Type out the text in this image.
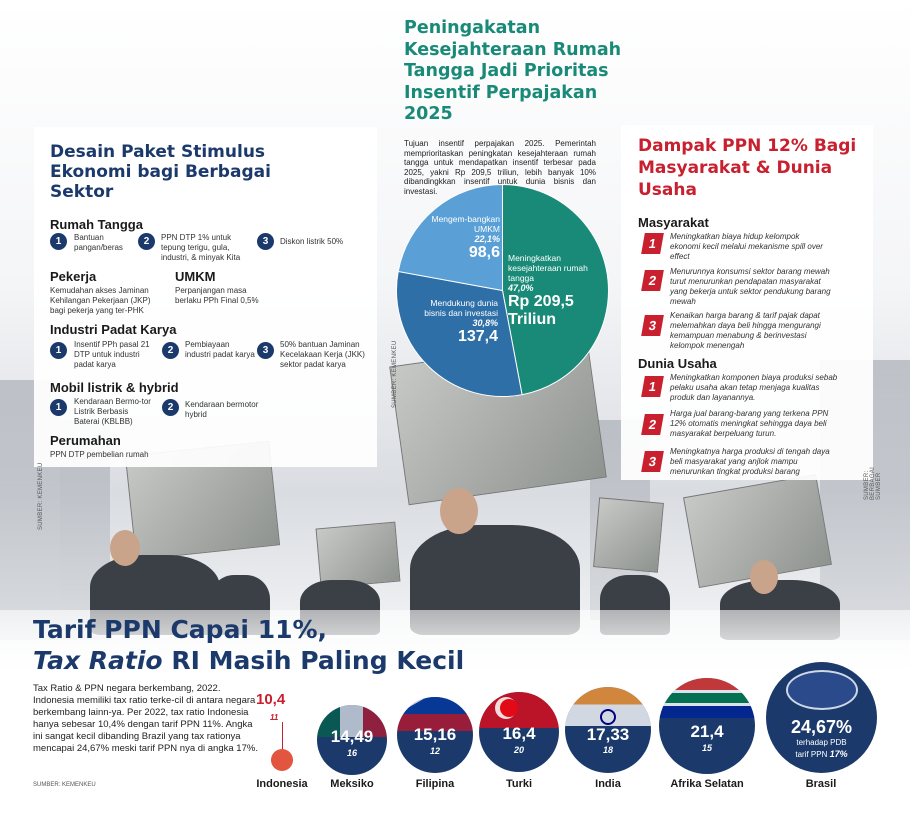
Peningakatan Kesejahteraan Rumah Tangga Jadi Prioritas Insentif Perpajakan 2025

Tujuan insentif perpajakan 2025. Pemerintah memprioritaskan peningkatan kesejahteraan rumah tangga untuk mendapatkan insentif terbesar pada 2025, yakni Rp 209,5 triliun, lebih banyak 10% dibandingkkan insentif untuk dunia bisnis dan investasi.

Mengem-bangkan UMKM
22,1%
98,6
Mendukung dunia bisnis dan investasi
30,8%
137,4
Meningkatkan kesejahteraan rumah tangga
47,0%
Rp 209,5
Triliun
SUMBER: KEMENKEU
Desain Paket Stimulus Ekonomi bagi Berbagai Sektor
Rumah Tangga
1	Bantuan pangan/beras
2	PPN DTP 1% untuk tepung terigu, gula, industri, & minyak Kita
3	Diskon listrik 50%
Pekerja
Kemudahan akses Jaminan Kehilangan Pekerjaan (JKP) bagi pekerja yang ter-PHK
UMKM
Perpanjangan masa berlaku PPh Final 0,5%
Industri Padat Karya
1
Insentif PPh pasal 21 DTP untuk industri padat karya
2
Pembiayaan industri padat karya 3
50% bantuan Jaminan Kecelakaan Kerja (JKK) sektor padat karya
Mobil listrik & hybrid
1
Kendaraan Bermo-tor Listrik Berbasis Baterai (KBLBB)
2	Kendaraan bermotor hybrid
Perumahan
PPN DTP pembelian rumah
SUMBER: KEMENKEU
Dampak PPN 12% Bagi Masyarakat & Dunia Usaha
Masyarakat
1	Meningkatkan biaya hidup kelompok ekonomi kecil melalui mekanisme spill over effect
2
Menurunnya konsumsi sektor barang mewah turut menurunkan pendapatan masyarakat yang bekerja untuk sektor pendukung barang mewah
3
Kenaikan harga barang & tarif pajak dapat melemahkan daya beli hingga mengurangi kemampuan menabung & berinvestasi kelompok menengah
Dunia Usaha
1
Meningkatkan komponen biaya produksi sebab pelaku usaha akan tetap menjaga kualitas produk dan layanannya.
2
Harga jual barang-barang yang terkena PPN 12% otomatis meningkat sehingga daya beli masyarakat berpeluang turun.
3
Meningkatnya harga produksi di tengah daya beli masyarakat yang anjlok mampu menurunkan tingkat produksi barang	SUMBER: BERBAGAI SUMBER
Tarif PPN Capai 11%,
Tax Ratio RI Masih Paling Kecil

Tax Ratio & PPN negara berkembang, 2022. Indonesia memiliki tax ratio terke-cil di antara negara berkembang lainn-ya. Per 2022, tax ratio Indonesia hanya sebesar 10,4% dengan tarif PPN 11%. Angka ini sangat kecil dibanding Brazil yang tax rationya mencapai 24,67% meski tarif PPN nya di angka 17%.

SUMBER: KEMENKEU
10,4
11
Indonesia
14,49
16
Meksiko
15,16
12
Filipina
16,4
20
Turki
17,33
18
India
21,4
15
Afrika Selatan
24,67%
terhadap PDB
tarif PPN 17%
Brasil
